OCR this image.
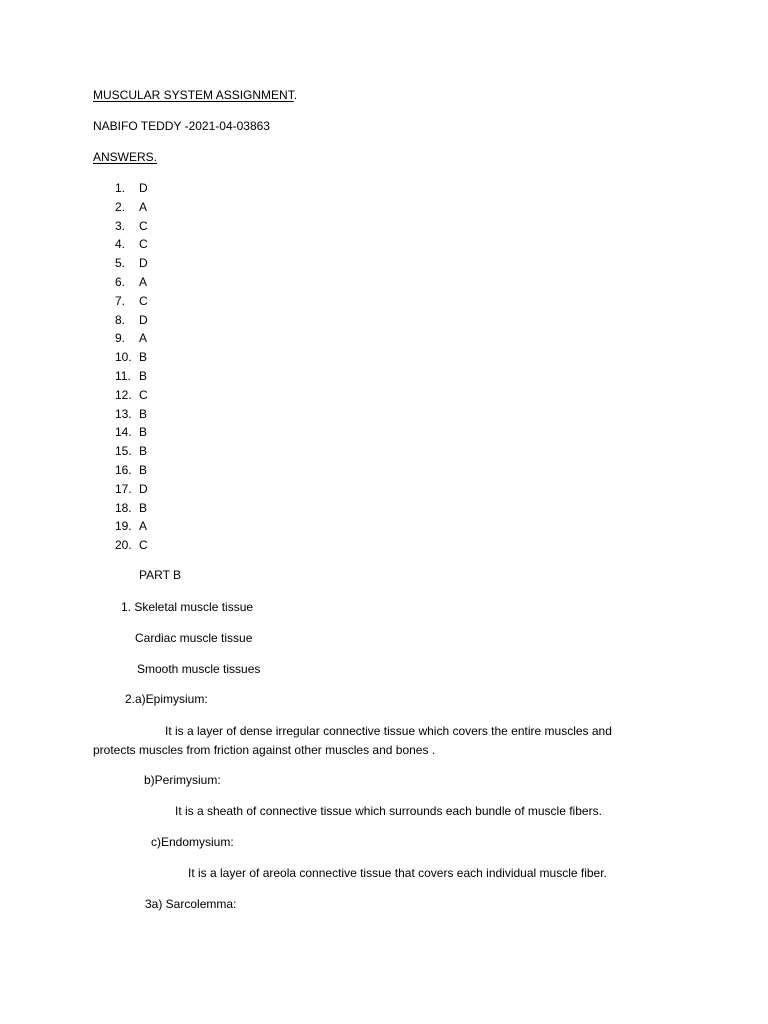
MUSCULAR SYSTEM ASSIGNMENT.
NABIFO TEDDY -2021-04-03863
ANSWERS.
1. D
2. A
3. C
4. C
5. D
6. A
7. C
8. D
9. A
10. B
11. B
12. C
13. B
14. B
15. B
16. B
17. D
18. B
19. A
20. C
PART B
1. Skeletal muscle tissue
Cardiac muscle tissue
Smooth muscle tissues
2.a)Epimysium:
It is a layer of dense irregular connective tissue which covers the entire muscles and
protects muscles from friction against other muscles and bones .
b)Perimysium:
It is a sheath of connective tissue which surrounds each bundle of muscle fibers.
c)Endomysium:
It is a layer of areola connective tissue that covers each individual muscle fiber.
3a) Sarcolemma:
